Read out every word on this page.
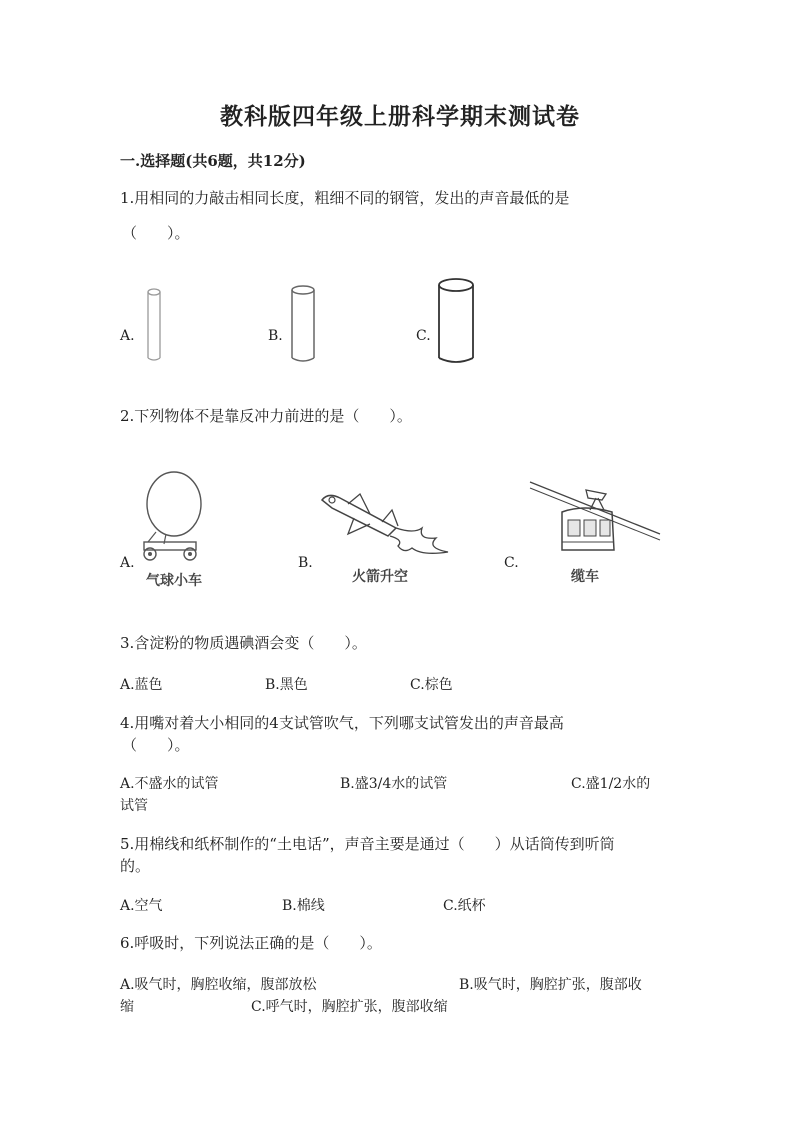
教科版四年级上册科学期末测试卷
一.选择题(共6题，共12分)
1.用相同的力敲击相同长度，粗细不同的钢管，发出的声音最低的是
（　　）。
A.	B.	C.
2.下列物体不是靠反冲力前进的是（　　）。
A.
气球小车
B.
火箭升空
C.
缆车
3.含淀粉的物质遇碘酒会变（　　）。
A.蓝色	B.黑色	C.棕色
4.用嘴对着大小相同的4支试管吹气，下列哪支试管发出的声音最高
（　　）。
A.不盛水的试管	B.盛3/4水的试管	C.盛1/2水的
试管
5.用棉线和纸杯制作的“土电话”，声音主要是通过（　　）从话筒传到听筒
的。
A.空气	B.棉线	C.纸杯
6.呼吸时，下列说法正确的是（　　）。
A.吸气时，胸腔收缩，腹部放松	B.吸气时，胸腔扩张，腹部收
缩	C.呼气时，胸腔扩张，腹部收缩
